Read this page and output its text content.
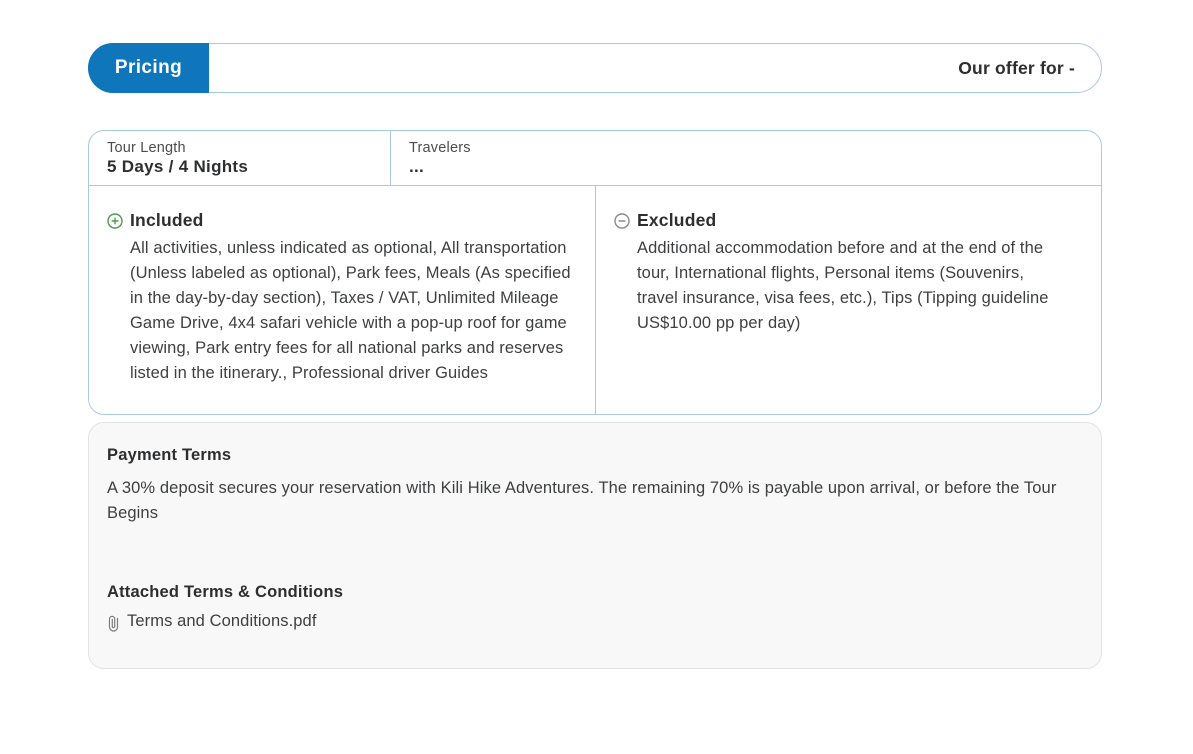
Pricing	Our offer for -
Tour Length
5 Days / 4 Nights
Travelers
...
Included
All activities, unless indicated as optional, All transportation (Unless labeled as optional), Park fees, Meals (As specified in the day-by-day section), Taxes / VAT, Unlimited Mileage Game Drive, 4x4 safari vehicle with a pop-up roof for game viewing, Park entry fees for all national parks and reserves listed in the itinerary., Professional driver Guides
Excluded
Additional accommodation before and at the end of the tour, International flights, Personal items (Souvenirs, travel insurance, visa fees, etc.), Tips (Tipping guideline US$10.00 pp per day)
Payment Terms
A 30% deposit secures your reservation with Kili Hike Adventures. The remaining 70% is payable upon arrival, or before the Tour Begins
Attached Terms & Conditions
Terms and Conditions.pdf
